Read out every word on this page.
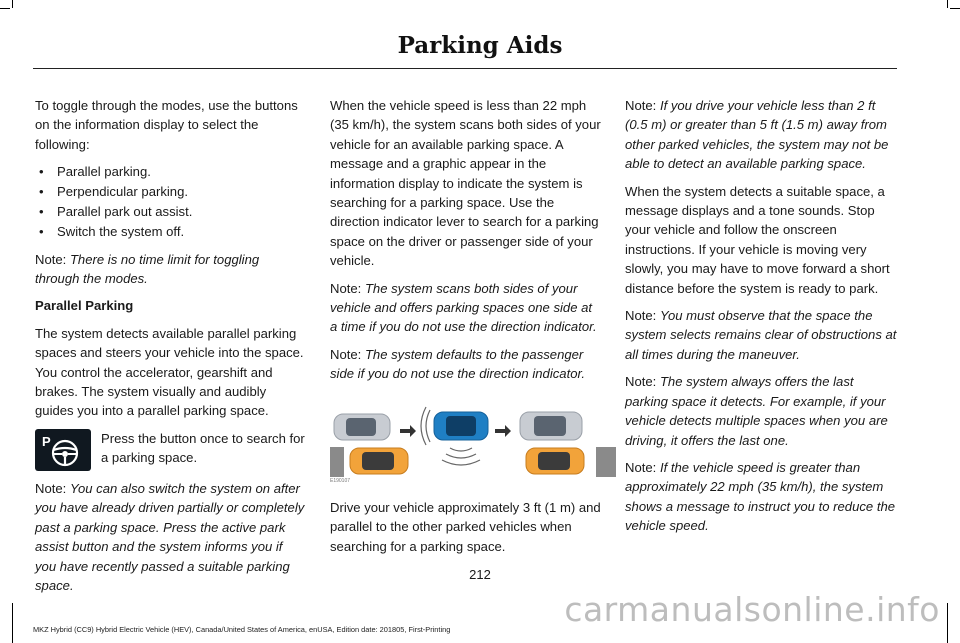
Parking Aids

To toggle through the modes, use the buttons on the information display to select the following:

• Parallel parking.
• Perpendicular parking.
• Parallel park out assist.
• Switch the system off.

Note: There is no time limit for toggling through the modes.

Parallel Parking

The system detects available parallel parking spaces and steers your vehicle into the space. You control the accelerator, gearshift and brakes. The system visually and audibly guides you into a parallel parking space.

P	Press the button once to search for a parking space.

Note: You can also switch the system on after you have already driven partially or completely past a parking space. Press the active park assist button and the system informs you if you have recently passed a suitable parking space.

When the vehicle speed is less than 22 mph (35 km/h), the system scans both sides of your vehicle for an available parking space. A message and a graphic appear in the information display to indicate the system is searching for a parking space. Use the direction indicator lever to search for a parking space on the driver or passenger side of your vehicle.

Note: The system scans both sides of your vehicle and offers parking spaces one side at a time if you do not use the direction indicator.

Note: The system defaults to the passenger side if you do not use the direction indicator.

E190107

Drive your vehicle approximately 3 ft (1 m) and parallel to the other parked vehicles when searching for a parking space.

Note: If you drive your vehicle less than 2 ft (0.5 m) or greater than 5 ft (1.5 m) away from other parked vehicles, the system may not be able to detect an available parking space.

When the system detects a suitable space, a message displays and a tone sounds. Stop your vehicle and follow the onscreen instructions. If your vehicle is moving very slowly, you may have to move forward a short distance before the system is ready to park.

Note: You must observe that the space the system selects remains clear of obstructions at all times during the maneuver.

Note: The system always offers the last parking space it detects. For example, if your vehicle detects multiple spaces when you are driving, it offers the last one.

Note: If the vehicle speed is greater than approximately 22 mph (35 km/h), the system shows a message to instruct you to reduce the vehicle speed.

212
MKZ Hybrid (CC9) Hybrid Electric Vehicle (HEV), Canada/United States of America, enUSA, Edition date: 201805, First-Printing
carmanualsonline.info
